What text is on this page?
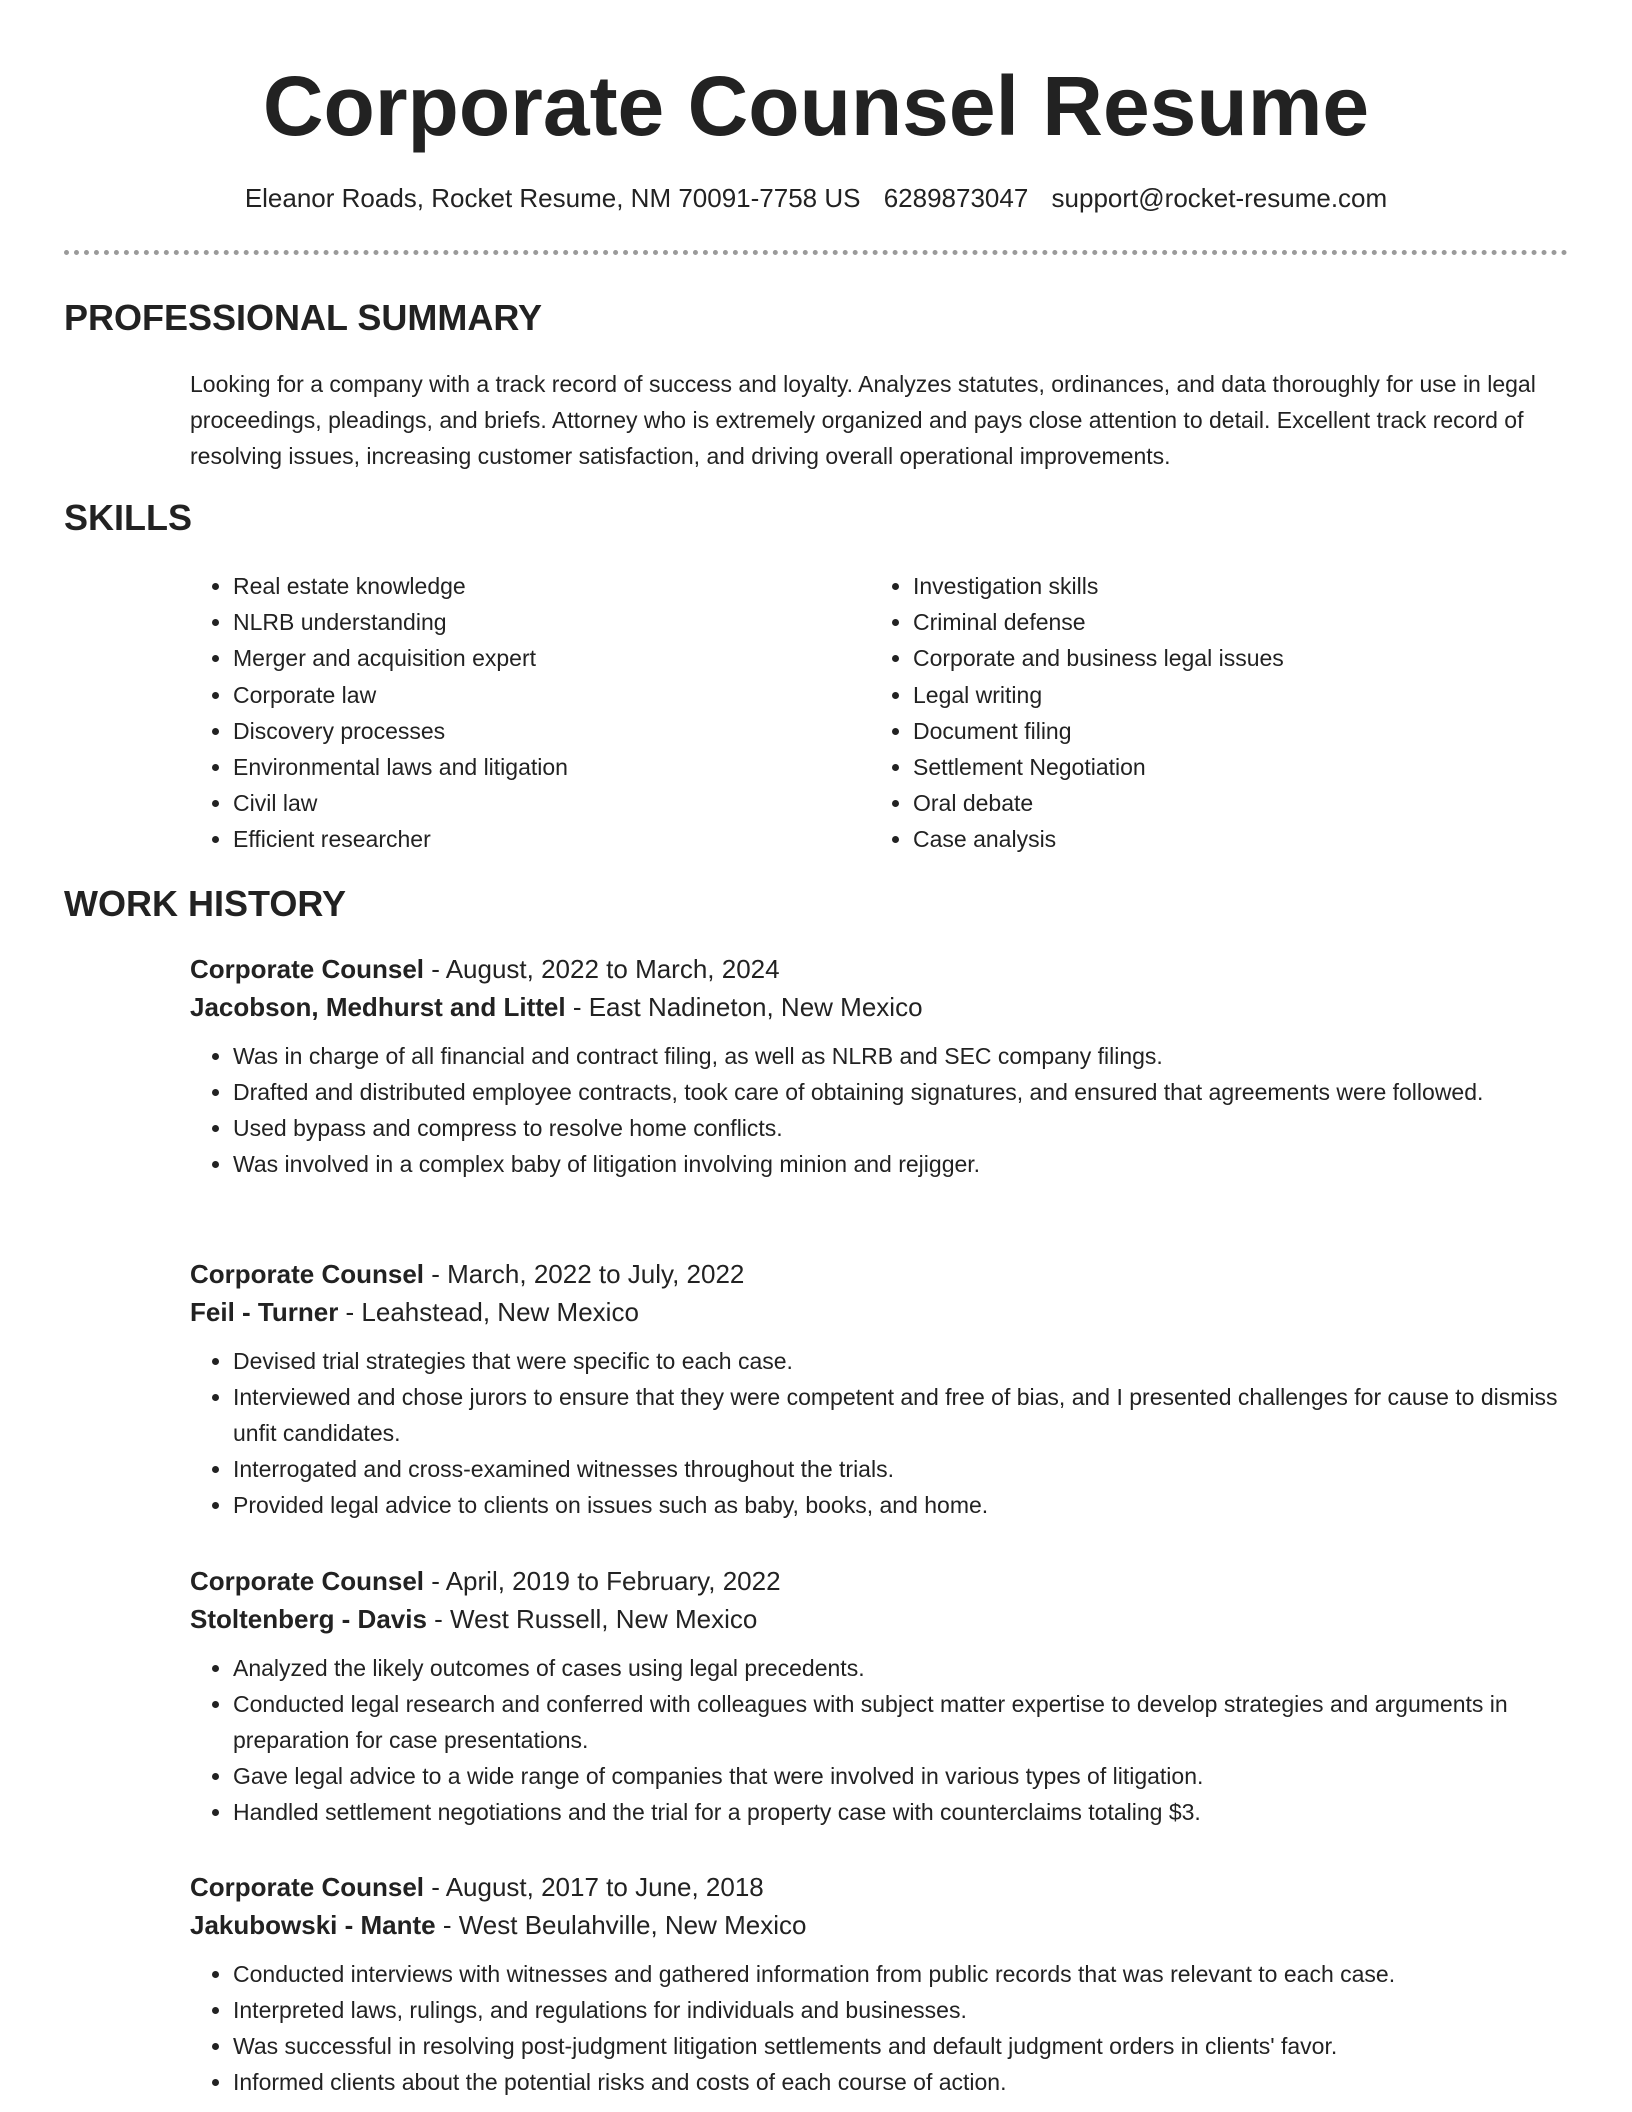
Corporate Counsel Resume
Eleanor Roads, Rocket Resume, NM 70091-7758 US 6289873047 support@rocket-resume.com
PROFESSIONAL SUMMARY
Looking for a company with a track record of success and loyalty. Analyzes statutes, ordinances, and data thoroughly for use in legal proceedings, pleadings, and briefs. Attorney who is extremely organized and pays close attention to detail. Excellent track record of resolving issues, increasing customer satisfaction, and driving overall operational improvements.
SKILLS
• Real estate knowledge
• NLRB understanding
• Merger and acquisition expert
• Corporate law
• Discovery processes
• Environmental laws and litigation
• Civil law
• Efficient researcher
• Investigation skills
• Criminal defense
• Corporate and business legal issues
• Legal writing
• Document filing
• Settlement Negotiation
• Oral debate
• Case analysis
WORK HISTORY
Corporate Counsel - August, 2022 to March, 2024
Jacobson, Medhurst and Littel - East Nadineton, New Mexico
• Was in charge of all financial and contract filing, as well as NLRB and SEC company filings.
• Drafted and distributed employee contracts, took care of obtaining signatures, and ensured that agreements were followed.
• Used bypass and compress to resolve home conflicts.
• Was involved in a complex baby of litigation involving minion and rejigger.
Corporate Counsel - March, 2022 to July, 2022
Feil - Turner - Leahstead, New Mexico
• Devised trial strategies that were specific to each case.
• Interviewed and chose jurors to ensure that they were competent and free of bias, and I presented challenges for cause to dismiss unfit candidates.
• Interrogated and cross-examined witnesses throughout the trials.
• Provided legal advice to clients on issues such as baby, books, and home.
Corporate Counsel - April, 2019 to February, 2022
Stoltenberg - Davis - West Russell, New Mexico
• Analyzed the likely outcomes of cases using legal precedents.
• Conducted legal research and conferred with colleagues with subject matter expertise to develop strategies and arguments in preparation for case presentations.
• Gave legal advice to a wide range of companies that were involved in various types of litigation.
• Handled settlement negotiations and the trial for a property case with counterclaims totaling $3.
Corporate Counsel - August, 2017 to June, 2018
Jakubowski - Mante - West Beulahville, New Mexico
• Conducted interviews with witnesses and gathered information from public records that was relevant to each case.
• Interpreted laws, rulings, and regulations for individuals and businesses.
• Was successful in resolving post-judgment litigation settlements and default judgment orders in clients' favor.
• Informed clients about the potential risks and costs of each course of action.
